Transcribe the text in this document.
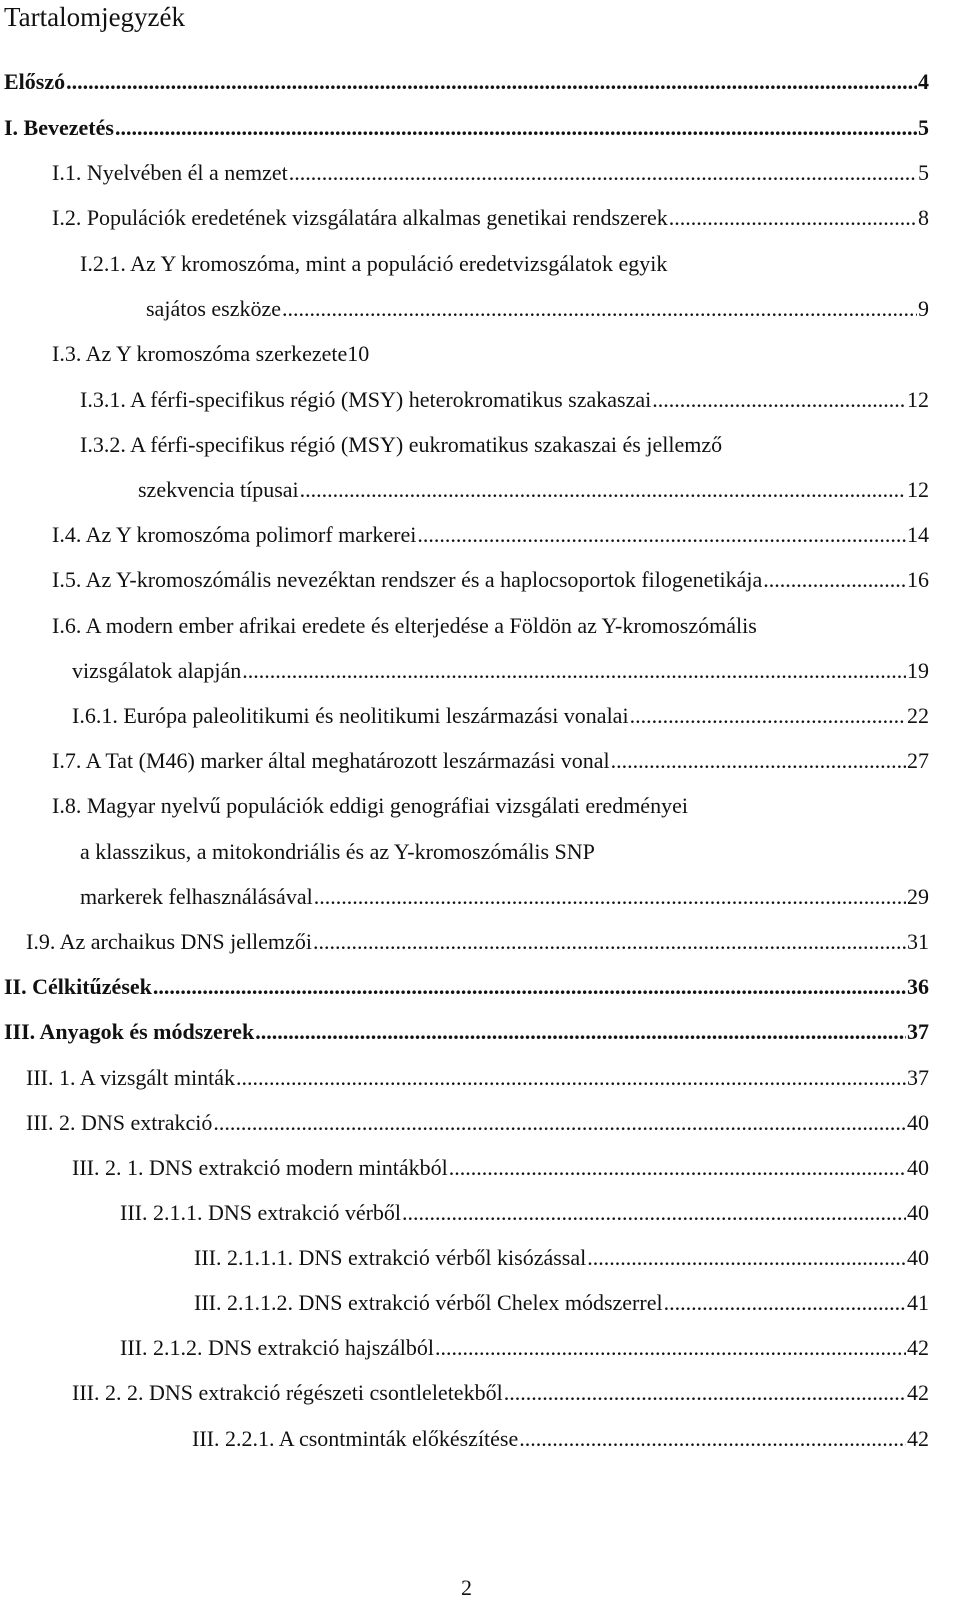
Tartalomjegyzék
Előszó .....	4
I. Bevezetés .....	5
I.1. Nyelvében él a nemzet .....	5
I.2. Populációk eredetének vizsgálatára alkalmas genetikai rendszerek .....	8
I.2.1. Az Y kromoszóma, mint a populáció eredetvizsgálatok egyik
sajátos eszköze .....	9
I.3. Az Y kromoszóma szerkezete10
I.3.1. A férfi-specifikus régió (MSY) heterokromatikus szakaszai .....	12
I.3.2. A férfi-specifikus régió (MSY) eukromatikus szakaszai és jellemző
szekvencia típusai .....	12
I.4. Az Y kromoszóma polimorf markerei .....	14
I.5. Az Y-kromoszómális nevezéktan rendszer és a haplocsoportok filogenetikája .....	16
I.6. A modern ember afrikai eredete és elterjedése a Földön az Y-kromoszómális
vizsgálatok alapján .....	19
I.6.1. Európa paleolitikumi és neolitikumi leszármazási vonalai .....	22
I.7. A Tat (M46) marker által meghatározott leszármazási vonal .....	27
I.8. Magyar nyelvű populációk eddigi genográfiai vizsgálati eredményei
a klasszikus, a mitokondriális és az Y-kromoszómális SNP
markerek felhasználásával .....	29
I.9. Az archaikus DNS jellemzői .....	31
II. Célkitűzések .....	36
III. Anyagok és módszerek .....	37
III. 1. A vizsgált minták .....	37
III. 2. DNS extrakció .....	40
III. 2. 1. DNS extrakció modern mintákból .....	40
III. 2.1.1. DNS extrakció vérből .....	40
III. 2.1.1.1. DNS extrakció vérből kisózással .....	40
III. 2.1.1.2. DNS extrakció vérből Chelex módszerrel .....	41
III. 2.1.2. DNS extrakció hajszálból .....	42
III. 2. 2. DNS extrakció régészeti csontleletekből .....	42
III. 2.2.1. A csontminták előkészítése .....	42
2
